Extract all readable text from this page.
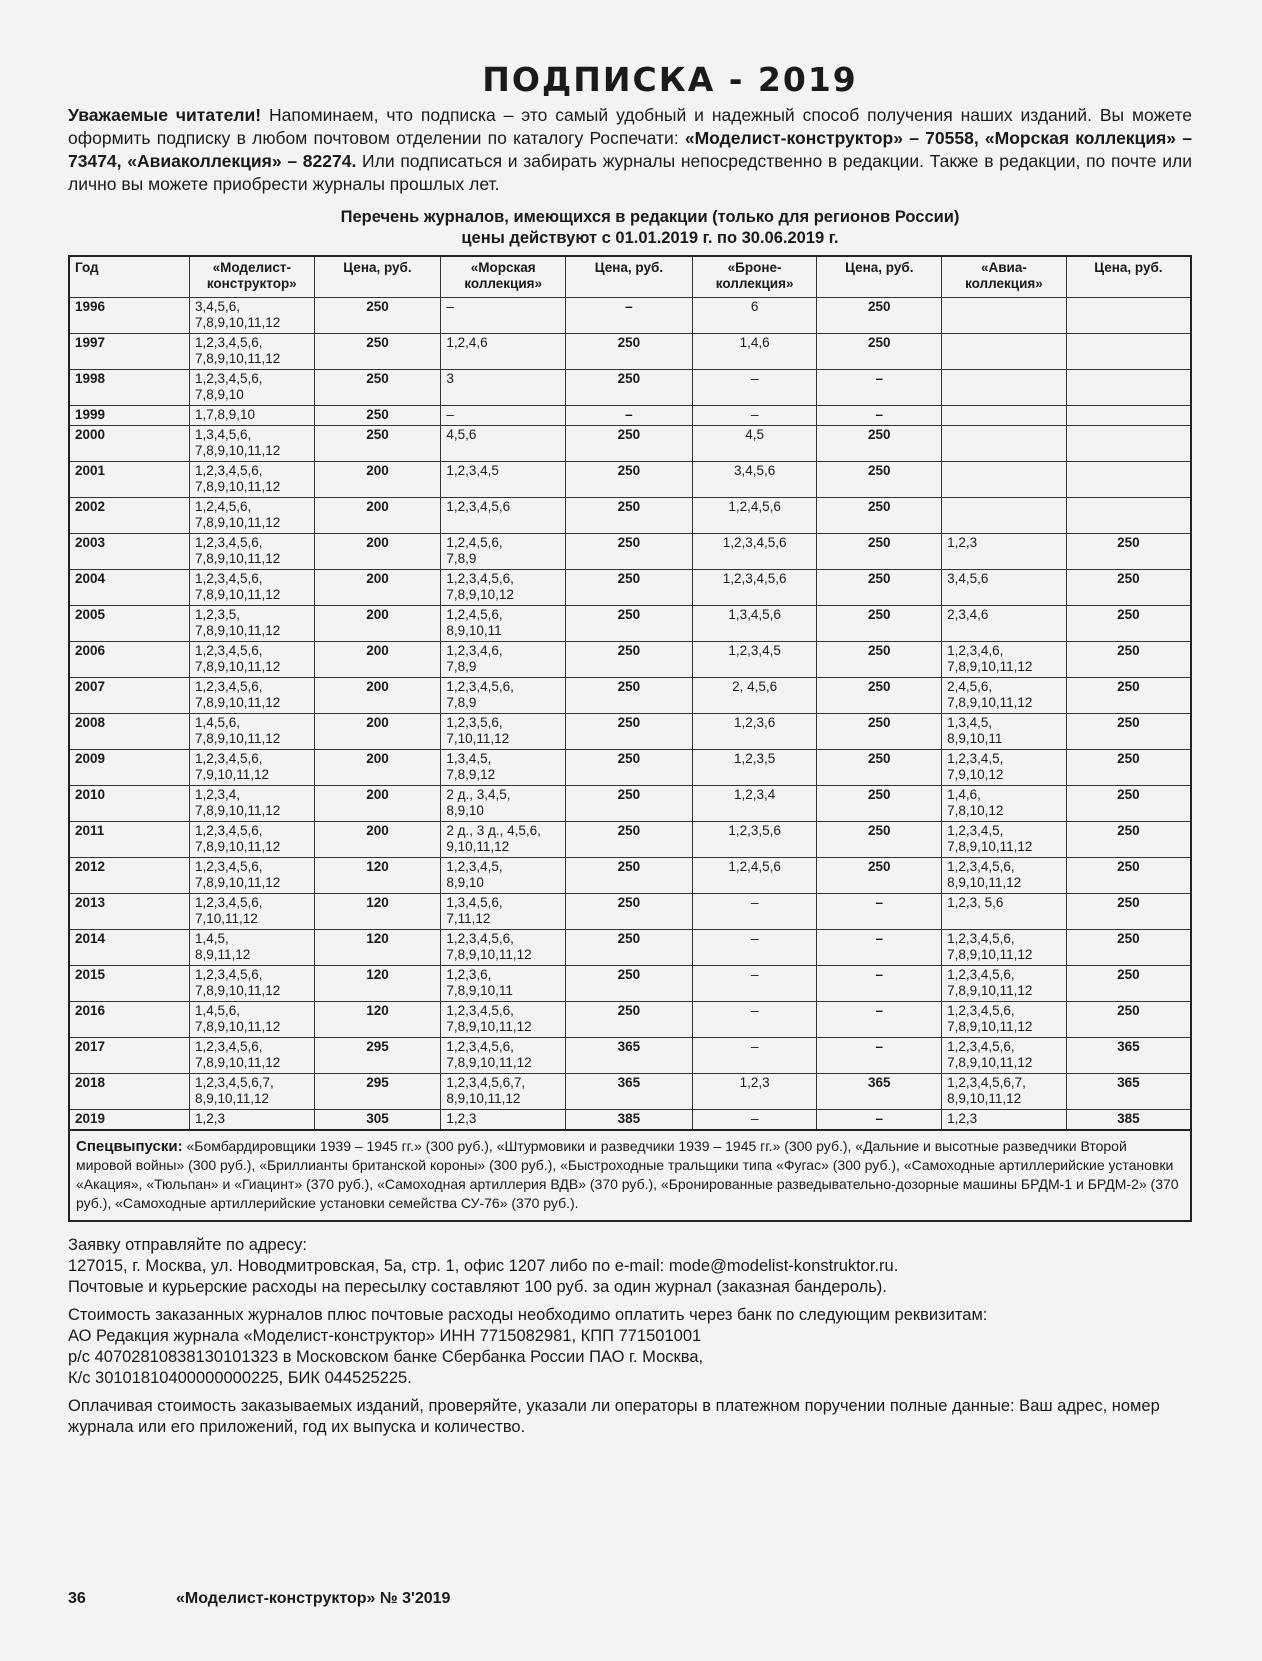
ПОДПИСКА - 2019

Уважаемые читатели! Напоминаем, что подписка – это самый удобный и надежный способ получения наших изданий. Вы можете оформить подписку в любом почтовом отделении по каталогу Роспечати: «Моделист-конструктор» – 70558, «Морская коллекция» – 73474, «Авиаколлекция» – 82274. Или подписаться и забирать журналы непосредственно в редакции. Также в редакции, по почте или лично вы можете приобрести журналы прошлых лет.

Перечень журналов, имеющихся в редакции (только для регионов России)
цены действуют с 01.01.2019 г. по 30.06.2019 г.
Год	«Моделист-конструктор»	Цена, руб.	«Морская коллекция»	Цена, руб.	«Броне-коллекция»	Цена, руб.	«Авиа-коллекция»	Цена, руб.
1996	3,4,5,6,
7,8,9,10,11,12	250	–	–	6	250		
1997	1,2,3,4,5,6,
7,8,9,10,11,12	250	1,2,4,6	250	1,4,6	250		
1998	1,2,3,4,5,6,
7,8,9,10	250	3	250	–	–		
1999	1,7,8,9,10	250	–	–	–	–		
2000	1,3,4,5,6,
7,8,9,10,11,12	250	4,5,6	250	4,5	250		
2001	1,2,3,4,5,6,
7,8,9,10,11,12	200	1,2,3,4,5	250	3,4,5,6	250		
2002	1,2,4,5,6,
7,8,9,10,11,12	200	1,2,3,4,5,6	250	1,2,4,5,6	250		
2003	1,2,3,4,5,6,
7,8,9,10,11,12	200	1,2,4,5,6,
7,8,9	250	1,2,3,4,5,6	250	1,2,3	250
2004	1,2,3,4,5,6,
7,8,9,10,11,12	200	1,2,3,4,5,6,
7,8,9,10,12	250	1,2,3,4,5,6	250	3,4,5,6	250
2005	1,2,3,5,
7,8,9,10,11,12	200	1,2,4,5,6,
8,9,10,11	250	1,3,4,5,6	250	2,3,4,6	250
2006	1,2,3,4,5,6,
7,8,9,10,11,12	200	1,2,3,4,6,
7,8,9	250	1,2,3,4,5	250	1,2,3,4,6,
7,8,9,10,11,12	250
2007	1,2,3,4,5,6,
7,8,9,10,11,12	200	1,2,3,4,5,6,
7,8,9	250	2, 4,5,6	250	2,4,5,6,
7,8,9,10,11,12	250
2008	1,4,5,6,
7,8,9,10,11,12	200	1,2,3,5,6,
7,10,11,12	250	1,2,3,6	250	1,3,4,5,
8,9,10,11	250
2009	1,2,3,4,5,6,
7,9,10,11,12	200	1,3,4,5,
7,8,9,12	250	1,2,3,5	250	1,2,3,4,5,
7,9,10,12	250
2010	1,2,3,4,
7,8,9,10,11,12	200	2 д., 3,4,5,
8,9,10	250	1,2,3,4	250	1,4,6,
7,8,10,12	250
2011	1,2,3,4,5,6,
7,8,9,10,11,12	200	2 д., 3 д., 4,5,6,
9,10,11,12	250	1,2,3,5,6	250	1,2,3,4,5,
7,8,9,10,11,12	250
2012	1,2,3,4,5,6,
7,8,9,10,11,12	120	1,2,3,4,5,
8,9,10	250	1,2,4,5,6	250	1,2,3,4,5,6,
8,9,10,11,12	250
2013	1,2,3,4,5,6,
7,10,11,12	120	1,3,4,5,6,
7,11,12	250	–	–	1,2,3, 5,6	250
2014	1,4,5,
8,9,11,12	120	1,2,3,4,5,6,
7,8,9,10,11,12	250	–	–	1,2,3,4,5,6,
7,8,9,10,11,12	250
2015	1,2,3,4,5,6,
7,8,9,10,11,12	120	1,2,3,6,
7,8,9,10,11	250	–	–	1,2,3,4,5,6,
7,8,9,10,11,12	250
2016	1,4,5,6,
7,8,9,10,11,12	120	1,2,3,4,5,6,
7,8,9,10,11,12	250	–	–	1,2,3,4,5,6,
7,8,9,10,11,12	250
2017	1,2,3,4,5,6,
7,8,9,10,11,12	295	1,2,3,4,5,6,
7,8,9,10,11,12	365	–	–	1,2,3,4,5,6,
7,8,9,10,11,12	365
2018	1,2,3,4,5,6,7,
8,9,10,11,12	295	1,2,3,4,5,6,7,
8,9,10,11,12	365	1,2,3	365	1,2,3,4,5,6,7,
8,9,10,11,12	365
2019	1,2,3	305	1,2,3	385	–	–	1,2,3	385
Спецвыпуски: «Бомбардировщики 1939 – 1945 гг.» (300 руб.), «Штурмовики и разведчики 1939 – 1945 гг.» (300 руб.), «Дальние и высотные разведчики Второй мировой войны» (300 руб.), «Бриллианты британской короны» (300 руб.), «Быстроходные тральщики типа «Фугас» (300 руб.), «Самоходные артиллерийские установки «Акация», «Тюльпан» и «Гиацинт» (370 руб.), «Самоходная артиллерия ВДВ» (370 руб.), «Бронированные разведывательно-дозорные машины БРДМ-1 и БРДМ-2» (370 руб.), «Самоходные артиллерийские установки семейства СУ-76» (370 руб.).

Заявку отправляйте по адресу:
127015, г. Москва, ул. Новодмитровская, 5а, стр. 1, офис 1207 либо по e-mail: mode@modelist-konstruktor.ru.
Почтовые и курьерские расходы на пересылку составляют 100 руб. за один журнал (заказная бандероль).

Стоимость заказанных журналов плюс почтовые расходы необходимо оплатить через банк по следующим реквизитам:
АО Редакция журнала «Моделист-конструктор» ИНН 7715082981, КПП 771501001
р/с 40702810838130101323 в Московском банке Сбербанка России ПАО г. Москва,
К/с 30101810400000000225, БИК 044525225.

Оплачивая стоимость заказываемых изданий, проверяйте, указали ли операторы в платежном поручении полные данные: Ваш адрес, номер журнала или его приложений, год их выпуска и количество.

36	«Моделист-конструктор» № 3'2019
